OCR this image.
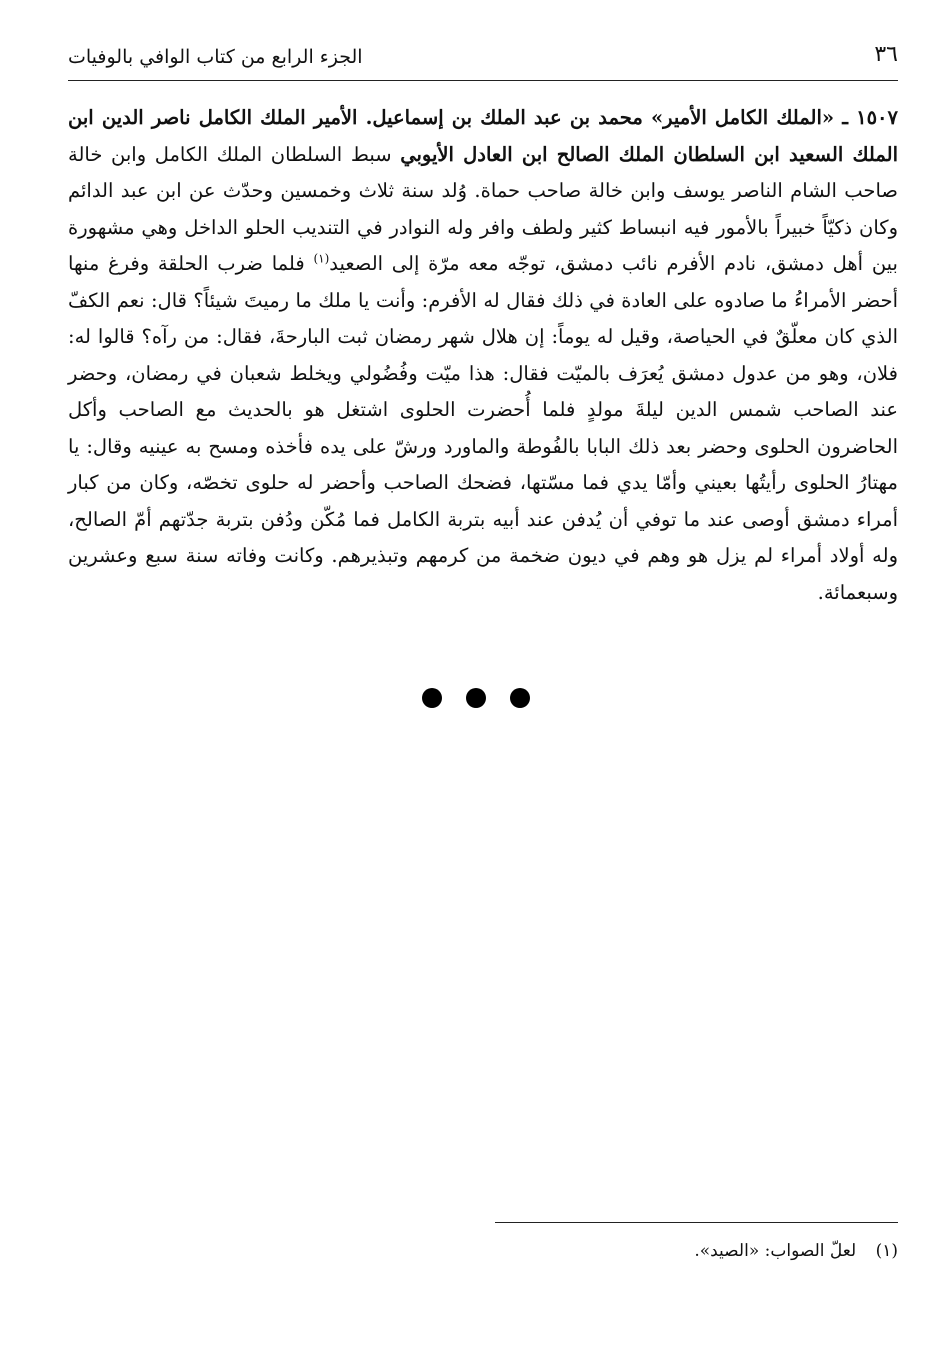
الجزء الرابع من كتاب الوافي بالوفيات	٣٦
١٥٠٧ ـ «الملك الكامل الأمير» محمد بن عبد الملك بن إسماعيل. الأمير الملك الكامل ناصر الدين ابن الملك السعيد ابن السلطان الملك الصالح ابن العادل الأيوبي سبط السلطان الملك الكامل وابن خالة صاحب الشام الناصر يوسف وابن خالة صاحب حماة. وُلد سنة ثلاث وخمسين وحدّث عن ابن عبد الدائم وكان ذكيّاً خبيراً بالأمور فيه انبساط كثير ولطف وافر وله النوادر في التنديب الحلو الداخل وهي مشهورة بين أهل دمشق، نادم الأفرم نائب دمشق، توجّه معه مرّة إلى الصعيد$^{(١)}$ فلما ضرب الحلقة وفرغ منها أحضر الأمراءُ ما صادوه على العادة في ذلك فقال له الأفرم: وأنت يا ملك ما رميتَ شيئاً؟ قال: نعم الكفّ الذي كان معلّقٌ في الحياصة، وقيل له يوماً: إن هلال شهر رمضان ثبت البارحةَ، فقال: من رآه؟ قالوا له: فلان، وهو من عدول دمشق يُعرَف بالميّت فقال: هذا ميّت وفُضُولي ويخلط شعبان في رمضان، وحضر عند الصاحب شمس الدين ليلةَ مولدٍ فلما أُحضرت الحلوى اشتغل هو بالحديث مع الصاحب وأكل الحاضرون الحلوى وحضر بعد ذلك البابا بالفُوطة والماورد ورشّ على يده فأخذه ومسح به عينيه وقال: يا مهتارُ الحلوى رأيتُها بعيني وأمّا يدي فما مسّتها، فضحك الصاحب وأحضر له حلوى تخصّه، وكان من كبار أمراء دمشق أوصى عند ما توفي أن يُدفن عند أبيه بتربة الكامل فما مُكّن ودُفن بتربة جدّتهم أمّ الصالح، وله أولاد أمراء لم يزل هو وهم في ديون ضخمة من كرمهم وتبذيرهم. وكانت وفاته سنة سبع وعشرين وسبعمائة.

(١) لعلّ الصواب: «الصيد».
